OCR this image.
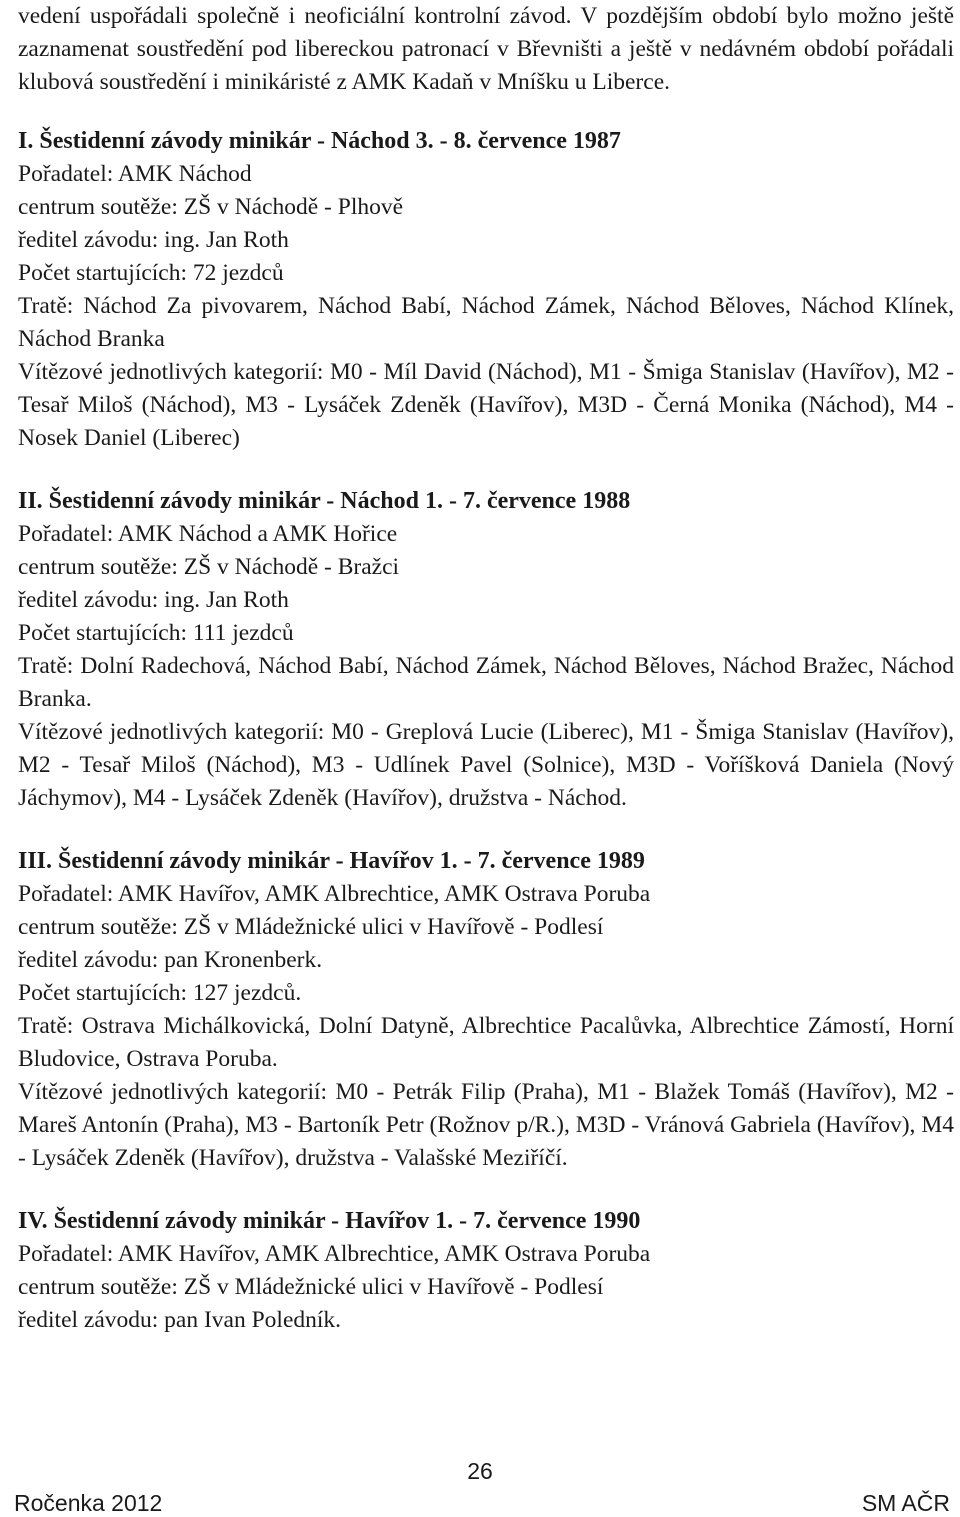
vedení uspořádali společně i neoficiální kontrolní závod. V pozdějším období bylo možno ještě zaznamenat soustředění pod libereckou patronací v Břevništi a ještě v nedávném období pořádali klubová soustředění i minikáristé z AMK Kadaň v Mníšku u Liberce.

I. Šestidenní závody minikár - Náchod 3. - 8. července 1987

Pořadatel: AMK Náchod

centrum soutěže: ZŠ v Náchodě - Plhově

ředitel závodu: ing. Jan Roth

Počet startujících: 72 jezdců

Tratě: Náchod Za pivovarem, Náchod Babí, Náchod Zámek, Náchod Běloves, Náchod Klínek, Náchod Branka

Vítězové jednotlivých kategorií: M0 - Míl David (Náchod), M1 - Šmiga Stanislav (Havířov), M2 - Tesař Miloš (Náchod), M3 - Lysáček Zdeněk (Havířov), M3D - Černá Monika (Náchod), M4 - Nosek Daniel (Liberec)

II. Šestidenní závody minikár - Náchod 1. - 7. července 1988

Pořadatel: AMK Náchod a AMK Hořice

centrum soutěže: ZŠ v Náchodě - Bražci

ředitel závodu: ing. Jan Roth

Počet startujících: 111 jezdců

Tratě: Dolní Radechová, Náchod Babí, Náchod Zámek, Náchod Běloves, Náchod Bražec, Náchod Branka.

Vítězové jednotlivých kategorií: M0 - Greplová Lucie (Liberec), M1 - Šmiga Stanislav (Havířov), M2 - Tesař Miloš (Náchod), M3 - Udlínek Pavel (Solnice), M3D - Voříšková Daniela (Nový Jáchymov), M4 - Lysáček Zdeněk (Havířov), družstva - Náchod.

III. Šestidenní závody minikár - Havířov 1. - 7. července 1989

Pořadatel: AMK Havířov, AMK Albrechtice, AMK Ostrava Poruba

centrum soutěže: ZŠ v Mládežnické ulici v Havířově - Podlesí

ředitel závodu: pan Kronenberk.

Počet startujících: 127 jezdců.

Tratě: Ostrava Michálkovická, Dolní Datyně, Albrechtice Pacalůvka, Albrechtice Zámostí, Horní Bludovice, Ostrava Poruba.

Vítězové jednotlivých kategorií: M0 - Petrák Filip (Praha), M1 - Blažek Tomáš (Havířov), M2 - Mareš Antonín (Praha), M3 - Bartoník Petr (Rožnov p/R.), M3D - Vránová Gabriela (Havířov), M4 - Lysáček Zdeněk (Havířov), družstva - Valašské Meziříčí.

IV. Šestidenní závody minikár - Havířov 1. - 7. července 1990

Pořadatel: AMK Havířov, AMK Albrechtice, AMK Ostrava Poruba

centrum soutěže: ZŠ v Mládežnické ulici v Havířově - Podlesí

ředitel závodu: pan Ivan Poledník.

26
Ročenka 2012	SM AČR
